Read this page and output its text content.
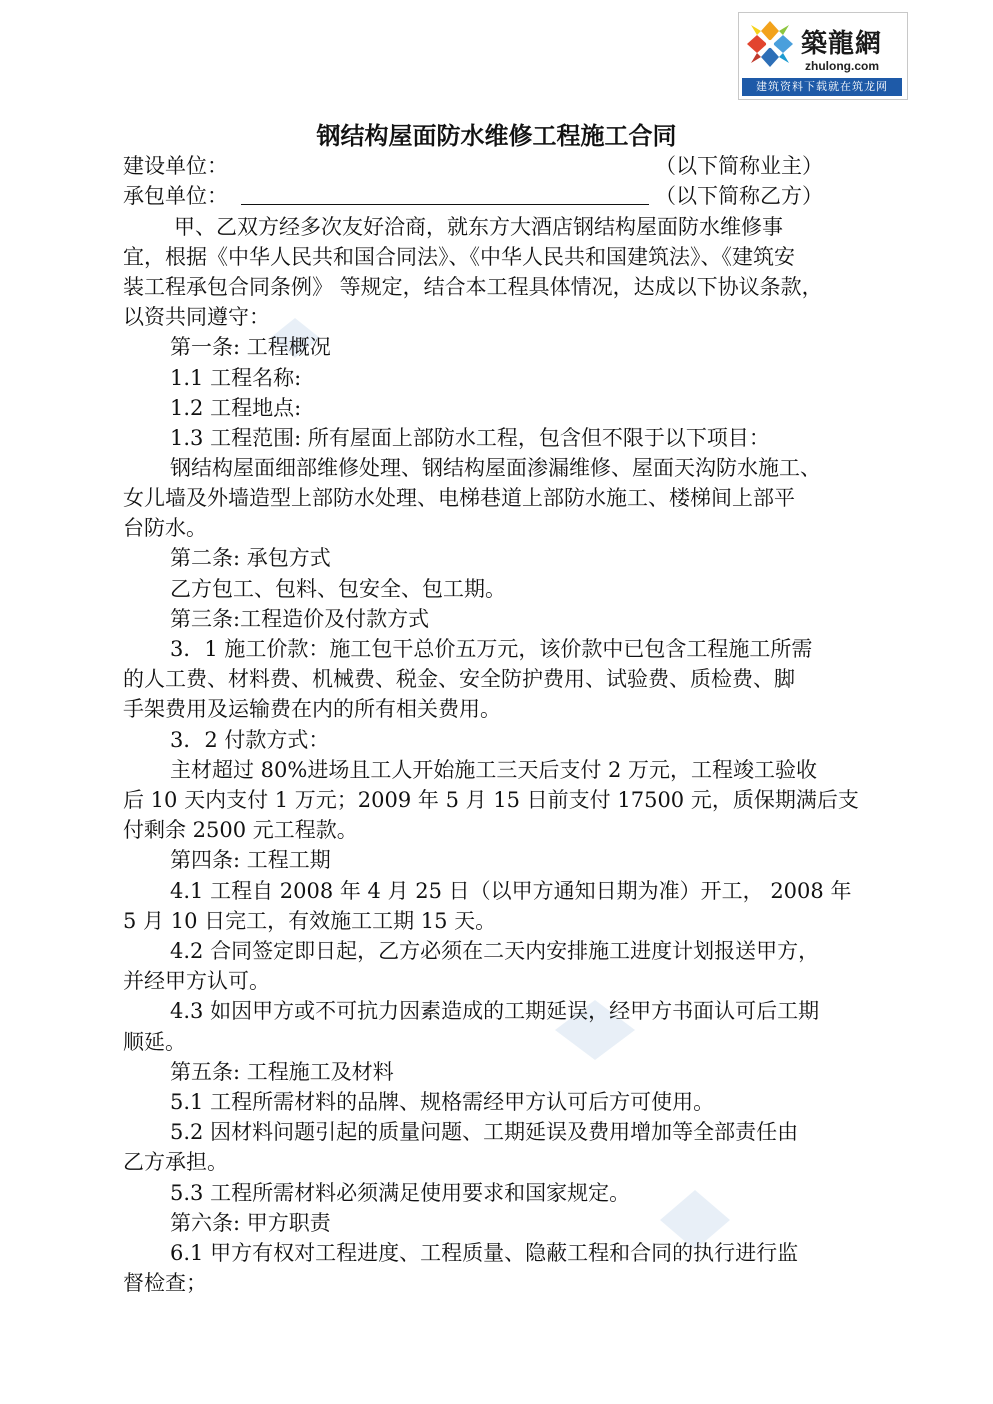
築龍網
zhulong.com
建筑资料下载就在筑龙网
钢结构屋面防水维修工程施工合同
建设单位：	（以下简称业主）
承包单位：	（以下简称乙方）
甲、乙双方经多次友好洽商，就东方大酒店钢结构屋面防水维修事
宜，根据《中华人民共和国合同法》、《中华人民共和国建筑法》、《建筑安
装工程承包合同条例》 等规定，结合本工程具体情况，达成以下协议条款，
以资共同遵守：
第一条: 工程概况
1.1 工程名称:
1.2 工程地点:
1.3 工程范围: 所有屋面上部防水工程，包含但不限于以下项目：
钢结构屋面细部维修处理、钢结构屋面渗漏维修、屋面天沟防水施工、
女儿墙及外墙造型上部防水处理、电梯巷道上部防水施工、楼梯间上部平
台防水。
第二条: 承包方式
乙方包工、包料、包安全、包工期。
第三条:工程造价及付款方式
3．1 施工价款：施工包干总价五万元，该价款中已包含工程施工所需
的人工费、材料费、机械费、税金、安全防护费用、试验费、质检费、脚
手架费用及运输费在内的所有相关费用。
3．2 付款方式：
主材超过 80%进场且工人开始施工三天后支付 2 万元，工程竣工验收
后 10 天内支付 1 万元；2009 年 5 月 15 日前支付 17500 元，质保期满后支
付剩余 2500 元工程款。
第四条: 工程工期
4.1 工程自 2008 年 4 月 25 日（以甲方通知日期为准）开工， 2008 年
5 月 10 日完工，有效施工工期 15 天。
4.2 合同签定即日起，乙方必须在二天内安排施工进度计划报送甲方，
并经甲方认可。
4.3 如因甲方或不可抗力因素造成的工期延误，经甲方书面认可后工期
顺延。
第五条: 工程施工及材料
5.1 工程所需材料的品牌、规格需经甲方认可后方可使用。
5.2 因材料问题引起的质量问题、工期延误及费用增加等全部责任由
乙方承担。
5.3 工程所需材料必须满足使用要求和国家规定。
第六条: 甲方职责
6.1 甲方有权对工程进度、工程质量、隐蔽工程和合同的执行进行监
督检查；
